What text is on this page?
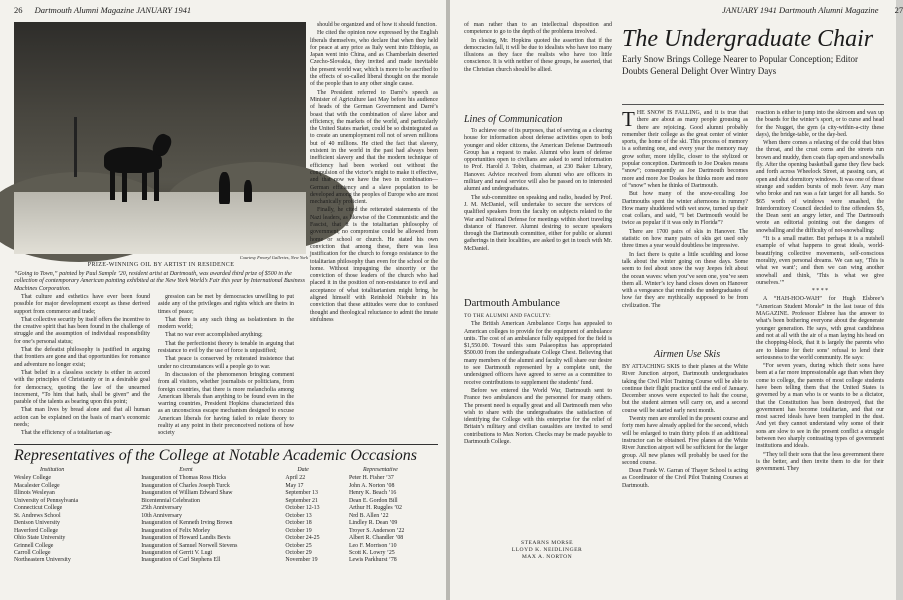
26 Dartmouth Alumni Magazine JANUARY 1941
Courtesy Frearyl Galleries, New York
PRIZE-WINNING OIL BY ARTIST IN RESIDENCE
“Going to Town,” painted by Paul Sample ’20, resident artist at Dartmouth, was awarded third prize of $500 in the collection of contemporary American painting exhibited at the New York World’s Fair this year by International Business Machines Corporation.

That culture and esthetics have ever been found possible for major development except as these derived support from commerce and trade;

That collective security by itself offers the incentive to the creative spirit that has been found in the challenge of struggle and the assumption of individual responsibility for one’s personal status;

That the defeatist philosophy is justified in arguing that frontiers are gone and that opportunities for romance and adventure no longer exist;

That belief in a classless society is either in accord with the principles of Christianity or in a desirable goal for democracy, quoting the law of the unearned increment, “To him that hath, shall be given” and the parable of the talents as bearing upon this point;

That man lives by bread alone and that all human action can be explained on the basis of man’s economic needs;

That the efficiency of a totalitarian ag-

gression can be met by democracies unwilling to put aside any of the privileges and rights which are theirs in times of peace;

That there is any such thing as isolationism in the modern world;

That no war ever accomplished anything;

That the perfectionist theory is tenable in arguing that resistance to evil by the use of force is unjustified;

That peace is conserved by reiterated insistence that under no circumstances will a people go to war.

In discussion of the phenomenon bringing comment from all visitors, whether journalists or politicians, from foreign countries, that there is more melancholia among American liberals than anything to be found even in the warring countries, President Hopkins characterized this as an unconscious escape mechanism designed to excuse American liberals for having failed to relate theory to reality at any point in their preconceived notions of how society

should be organized and of how it should function.

He cited the opinion now expressed by the English liberals themselves, who declare that when they held for peace at any price as Italy went into Ethiopia, as Japan went into China, and as Chamberlain deserted Czecho-Slovakia, they invited and made inevitable the present world war, which is more to be ascribed to the effects of so-called liberal thought on the morale of the people than to any other single cause.

The President referred to Darré’s speech as Minister of Agriculture last May before his audience of heads of the German Government and Darré’s boast that with the combination of slave labor and efficiency, the markets of the world, and particularly the United States market, could be so disintegrated as to create an unemployment roll not of seven millions but of 40 millions. He cited the fact that slavery, existent in the world in the past had always been inefficient slavery and that the modern technique of efficiency had been worked out without the compulsion of the victor’s might to make it effective, and that now we have the two in combination—German efficiency and a slave population to be developed among the peoples of Europe who are most mechanically proficient.

Finally, he cited the reiterated statements of the Nazi leaders, as likewise of the Communistic and the Fascist, that it is the totalitarian philosophy of government, no compromise could be allowed from home or school or church. He stated his own conviction that among these, there was less justification for the church to forego resistance to the totalitarian philosophy than even for the school or the home. Without impugning the sincerity or the conviction of those leaders of the church who had placed it in the position of non-resistance to evil and acceptance of what totalitarianism might bring, he aligned himself with Reinhold Niebuhr in his conviction that these attitudes were due to confused thought and theological reluctance to admit the innate sinfulness

Representatives of the College at Notable Academic Occasions
Institution	Event	Date	Representative
Wesley College	Inauguration of Thomas Ross Hicks	April 22	Peter H. Fisher ’37
Macalester College	Inauguration of Charles Joseph Turck	May 17	John A. Norton ’08
Illinois Wesleyan	Inauguration of William Edward Shaw	September 13	Henry K. Beach ’16
University of Pennsylvania	Bicentennial Celebration	September 21	Dean E. Gordon Bill
Connecticut College	25th Anniversary	October 12-13	Arthur H. Ruggles ’02
St. Andrews School	10th Anniversary	October 13	Nrd B. Allen ’22
Denison University	Inauguration of Kenneth Irving Brown	October 18	Lindley R. Dean ’09
Haverford College	Inauguration of Felix Morley	October 19	Troyer S. Anderson ’22
Ohio State University	Inauguration of Howard Landis Bevis	October 24-25	Albert R. Chandler ’08
Grinnell College	Inauguration of Samuel Norwell Stevens	October 25	Leo F. Morrison ’10
Carroll College	Inauguration of Gerrit V. Lugt	October 29	Scott K. Lowry ’25
Northeastern University	Inauguration of Carl Stephens Ell	November 19	Lewis Parkhurst ’78
JANUARY 1941 Dartmouth Alumni Magazine 27

of man rather than to an intellectual disposition and competence to go to the depth of the problems involved.

In closing, Mr. Hopkins quoted the assertion that if the democracies fall, it will be due to idealists who have too many illusions as they face the realists who have too little conscience. It is with neither of these groups, he asserted, that the Christian church should be allied.

Lines of Communication

To achieve one of its purposes, that of serving as a clearing house for information about defense activities open to both younger and older citizens, the American Defense Dartmouth Group has a request to make. Alumni who learn of defense opportunities open to civilians are asked to send information to Prof. Harold J. Tobin, chairman, at 230 Baker Library, Hanover. Advice received from alumni who are officers in military and naval service will also be passed on to interested alumni and undergraduates.

The sub-committee on speaking and radio, headed by Prof. J. M. McDaniel, will undertake to secure the services of qualified speakers from the faculty on subjects related to the War and National Defense for meetings within short traveling distance of Hanover. Alumni desiring to secure speakers through the Dartmouth committee, either for public or alumni gatherings in their localities, are asked to get in touch with Mr. McDaniel.

Dartmouth Ambulance

TO THE ALUMNI AND FACULTY:

The British American Ambulance Corps has appealed to American colleges to provide for the equipment of ambulance units. The cost of an ambulance fully equipped for the field is $1,550.00. Toward this sum Palaeopitus has appropriated $500.00 from the undergraduate College Chest. Believing that many members of the alumni and faculty will share our desire to see Dartmouth represented by a complete unit, the undersigned officers have agreed to serve as a committee to receive contributions to supplement the students’ fund.

Before we entered the World War, Dartmouth sent to France two ambulances and the personnel for many others. The present need is equally great and all Dartmouth men who wish to share with the undergraduates the satisfaction of identifying the College with this enterprise for the relief of Britain’s military and civilian casualties are invited to send contributions to Max Norton. Checks may be made payable to Dartmouth College.

STEARNS MORSE
LLOYD K. NEIDLINGER
MAX A. NORTON
The Undergraduate Chair
Early Snow Brings College Nearer to Popular Conception; Editor Doubts General Delight Over Wintry Days

THE SNOW IS FALLING, and it is true that there are about as many people grousing as there are rejoicing. Good alumni probably remember their college as the great center of winter sports, the home of the ski. This process of memory is a softening one, and every year the memory may grow softer, more idyllic, closer to the stylized or popular conception. Dartmouth to Joe Doakes means “snow”; consequently as Joe Dartmouth becomes more and more Joe Doakes he thinks more and more of “snow” when he thinks of Dartmouth.

But how many of the snow-recalling Joe Dartmouths spent the winter afternoons in rummy? How many shuddered with wet snow, turned up their coat collars, and said, “I bet Dartmouth would be twice as popular if it was only in Florida”?

There are 1700 pairs of skis in Hanover. The statistic on how many pairs of skis get used only three times a year would doubtless be impressive.

In fact there is quite a little scudding and loose talk about the winter going on these days. Some seem to feel about snow the way Jeepes felt about the ocean waves: when you’ve seen one, you’ve seen them all. Winter’s icy hand closes down on Hanover with a vengeance that reminds the undergraduates of how far they are mythically supposed to be from civilization. The

Airmen Use Skis

BY ATTACHING SKIS to their planes at the White River Junction airport, Dartmouth undergraduates taking the Civil Pilot Training Course will be able to continue their flight practice until the end of January. December snows were expected to halt the course, but the student airmen will carry on, and a second course will be started early next month.

Twenty men are enrolled in the present course and forty men have already applied for the second, which will be enlarged to train thirty pilots if an additional instructor can be obtained. Five planes at the White River Junction airport will be sufficient for the larger group. All new planes will probably be used for the second course.

Dean Frank W. Garran of Thayer School is acting as Coordinator of the Civil Pilot Training Courses at Dartmouth.

reaction is either to jump into the skiroom and wax up the boards for the winter’s sport, or to curse and head for the Nugget, the gym (a city-within-a-city these days), the bridge-table, or the day-bed.

When there comes a relaxing of the cold that bites the throat, and the crust corns and the streets run brown and muddy, then coats flap open and snowballs fly. After the opening basketball game they flew back and forth across Wheelock Street, at passing cars, at open and shut dormitory windows. It was one of those strange and sudden bursts of mob fever. Any man who broke and ran was a fair target for all hands. So $65 worth of windows were smashed, the Interdormitory Council decided to fine offenders $5, the Dean sent an angry letter, and The Dartmouth wrote an editorial pointing out the dangers of snowballing and the difficulty of not-snowballing:

“It is a small matter. But perhaps it is a nutshell example of what happens to great ideals, world-beautifying collective movements, self-conscious morality, even personal dreams. We can say, ‘This is what we want’; and then we can wing another snowball and think, ‘This is what we give ourselves.’”

* * * *

A “HAH-HOO-WAH” for Hugh Elsbree’s “American Student Morale” in the last issue of this MAGAZINE. Professor Elsbree has the answer to what’s been bothering everyone about the degenerate younger generation. He says, with great candidness and not at all with the air of a man laying his head on the chopping-block, that it is largely the parents who are to blame for their sons’ refusal to lend their seriousness to the world community. He says:

“For seven years, during which their sons have been at a far more impressionable age than when they come to college, the parents of most college students have been telling them that the United States is governed by a man who is or wants to be a dictator, that the Constitution has been destroyed, that the government has become totalitarian, and that our most sacred ideals have been trampled in the dust. And yet they cannot understand why some of their sons are slow to see in the present conflict a struggle between two sharply contrasting types of government institutions and ideals.

“They tell their sons that the less government there is the better, and then invite them to die for their government. They
